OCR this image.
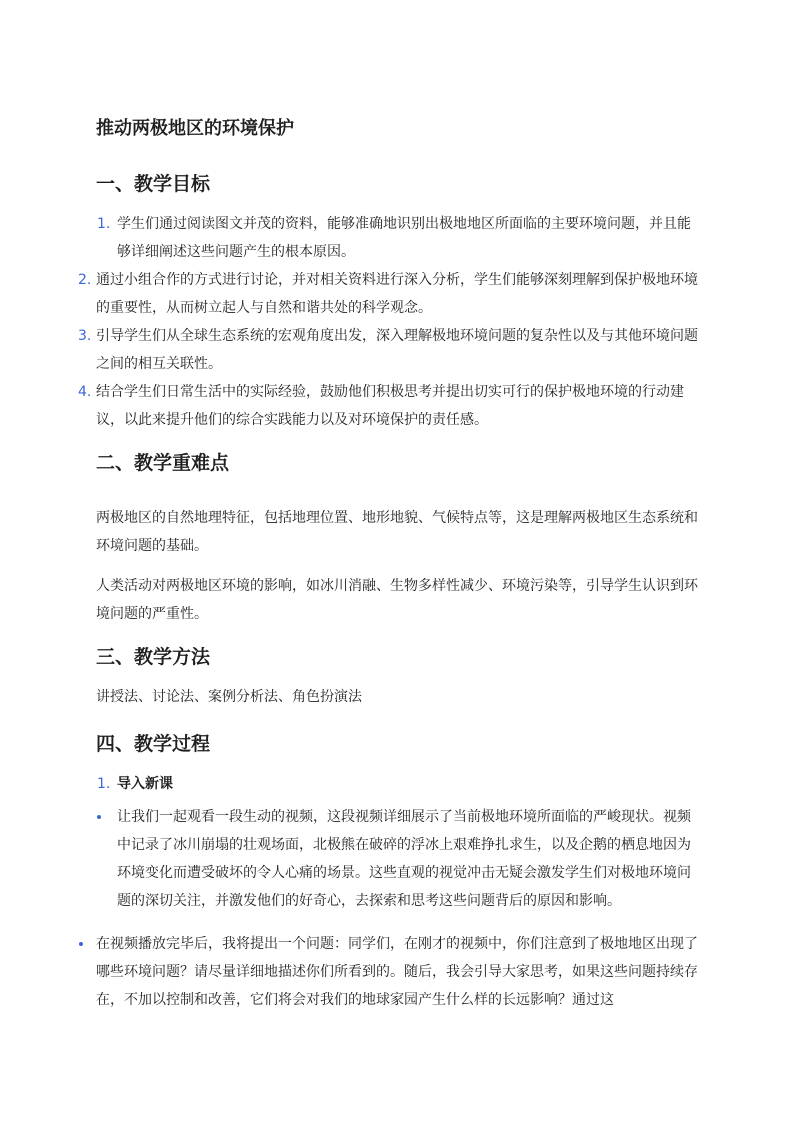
推动两极地区的环境保护
一、教学目标
1. 学生们通过阅读图文并茂的资料，能够准确地识别出极地地区所面临的主要环境问题，并且能够详细阐述这些问题产生的根本原因。

2. 通过小组合作的方式进行讨论，并对相关资料进行深入分析，学生们能够深刻理解到保护极地环境的重要性，从而树立起人与自然和谐共处的科学观念。

3. 引导学生们从全球生态系统的宏观角度出发，深入理解极地环境问题的复杂性以及与其他环境问题之间的相互关联性。

4. 结合学生们日常生活中的实际经验，鼓励他们积极思考并提出切实可行的保护极地环境的行动建议，以此来提升他们的综合实践能力以及对环境保护的责任感。

二、教学重难点

两极地区的自然地理特征，包括地理位置、地形地貌、气候特点等，这是理解两极地区生态系统和环境问题的基础。

人类活动对两极地区环境的影响，如冰川消融、生物多样性减少、环境污染等，引导学生认识到环境问题的严重性。

三、教学方法

讲授法、讨论法、案例分析法、角色扮演法

四、教学过程
1. 导入新课

让我们一起观看一段生动的视频，这段视频详细展示了当前极地环境所面临的严峻现状。视频中记录了冰川崩塌的壮观场面，北极熊在破碎的浮冰上艰难挣扎求生，以及企鹅的栖息地因为环境变化而遭受破坏的令人心痛的场景。这些直观的视觉冲击无疑会激发学生们对极地环境问题的深切关注，并激发他们的好奇心，去探索和思考这些问题背后的原因和影响。

在视频播放完毕后，我将提出一个问题：同学们，在刚才的视频中，你们注意到了极地地区出现了哪些环境问题？请尽量详细地描述你们所看到的。随后，我会引导大家思考，如果这些问题持续存在，不加以控制和改善，它们将会对我们的地球家园产生什么样的长远影响？通过这
